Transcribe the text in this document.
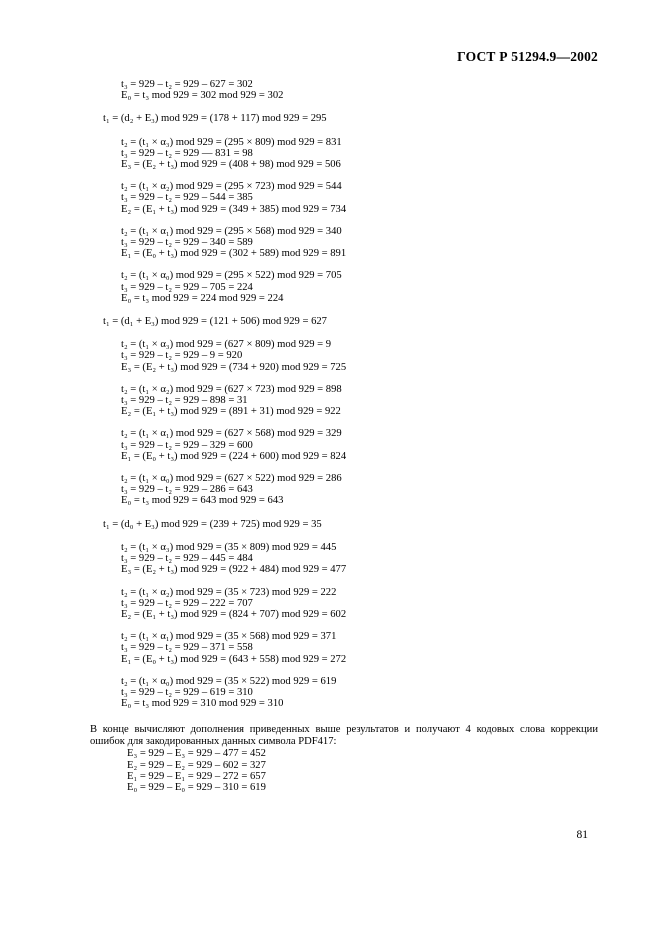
ГОСТ Р 51294.9—2002
t₃ = 929 – t₂ = 929 – 627 = 302
E₀ = t₃ mod 929 = 302 mod 929 = 302
t₁ = (d₂ + E₃) mod 929 = (178 + 117) mod 929 = 295
t₂ = (t₁ × α₃) mod 929 = (295 × 809) mod 929 = 831
t₃ = 929 – t₂ = 929 — 831 = 98
E₃ = (E₂ + t₃) mod 929 = (408 + 98) mod 929 = 506
t₂ = (t₁ × α₂) mod 929 = (295 × 723) mod 929 = 544
t₃ = 929 – t₂ = 929 – 544 = 385
E₂ = (E₁ + t₃) mod 929 = (349 + 385) mod 929 = 734
t₂ = (t₁ × α₁) mod 929 = (295 × 568) mod 929 = 340
t₃ = 929 – t₂ = 929 – 340 = 589
E₁ = (E₀ + t₃) mod 929 = (302 + 589) mod 929 = 891
t₂ = (t₁ × α₀) mod 929 = (295 × 522) mod 929 = 705
t₃ = 929 – t₂ = 929 – 705 = 224
E₀ = t₃ mod 929 = 224 mod 929 = 224
t₁ = (d₁ + E₃) mod 929 = (121 + 506) mod 929 = 627
t₂ = (t₁ × α₃) mod 929 = (627 × 809) mod 929 = 9
t₃ = 929 – t₂ = 929 – 9 = 920
E₃ = (E₂ + t₃) mod 929 = (734 + 920) mod 929 = 725
t₂ = (t₁ × α₂) mod 929 = (627 × 723) mod 929 = 898
t₃ = 929 – t₂ = 929 – 898 = 31
E₂ = (E₁ + t₃) mod 929 = (891 + 31) mod 929 = 922
t₂ = (t₁ × α₁) mod 929 = (627 × 568) mod 929 = 329
t₃ = 929 – t₂ = 929 – 329 = 600
E₁ = (E₀ + t₃) mod 929 = (224 + 600) mod 929 = 824
t₂ = (t₁ × α₀) mod 929 = (627 × 522) mod 929 = 286
t₃ = 929 – t₂ = 929 – 286 = 643
E₀ = t₃ mod 929 = 643 mod 929 = 643
t₁ = (d₀ + E₃) mod 929 = (239 + 725) mod 929 = 35
t₂ = (t₁ × α₃) mod 929 = (35 × 809) mod 929 = 445
t₃ = 929 – t₂ = 929 – 445 = 484
E₃ = (E₂ + t₃) mod 929 = (922 + 484) mod 929 = 477
t₂ = (t₁ × α₂) mod 929 = (35 × 723) mod 929 = 222
t₃ = 929 – t₂ = 929 – 222 = 707
E₂ = (E₁ + t₃) mod 929 = (824 + 707) mod 929 = 602
t₂ = (t₁ × α₁) mod 929 = (35 × 568) mod 929 = 371
t₃ = 929 – t₂ = 929 – 371 = 558
E₁ = (E₀ + t₃) mod 929 = (643 + 558) mod 929 = 272
t₂ = (t₁ × α₀) mod 929 = (35 × 522) mod 929 = 619
t₃ = 929 – t₂ = 929 – 619 = 310
E₀ = t₃ mod 929 = 310 mod 929 = 310
В конце вычисляют дополнения приведенных выше результатов и получают 4 кодовых слова коррекции ошибок для закодированных данных символа PDF417:
E₃ = 929 – E₃ = 929 – 477 = 452
E₂ = 929 – E₂ = 929 – 602 = 327
E₁ = 929 – E₁ = 929 – 272 = 657
E₀ = 929 – E₀ = 929 – 310 = 619
81
